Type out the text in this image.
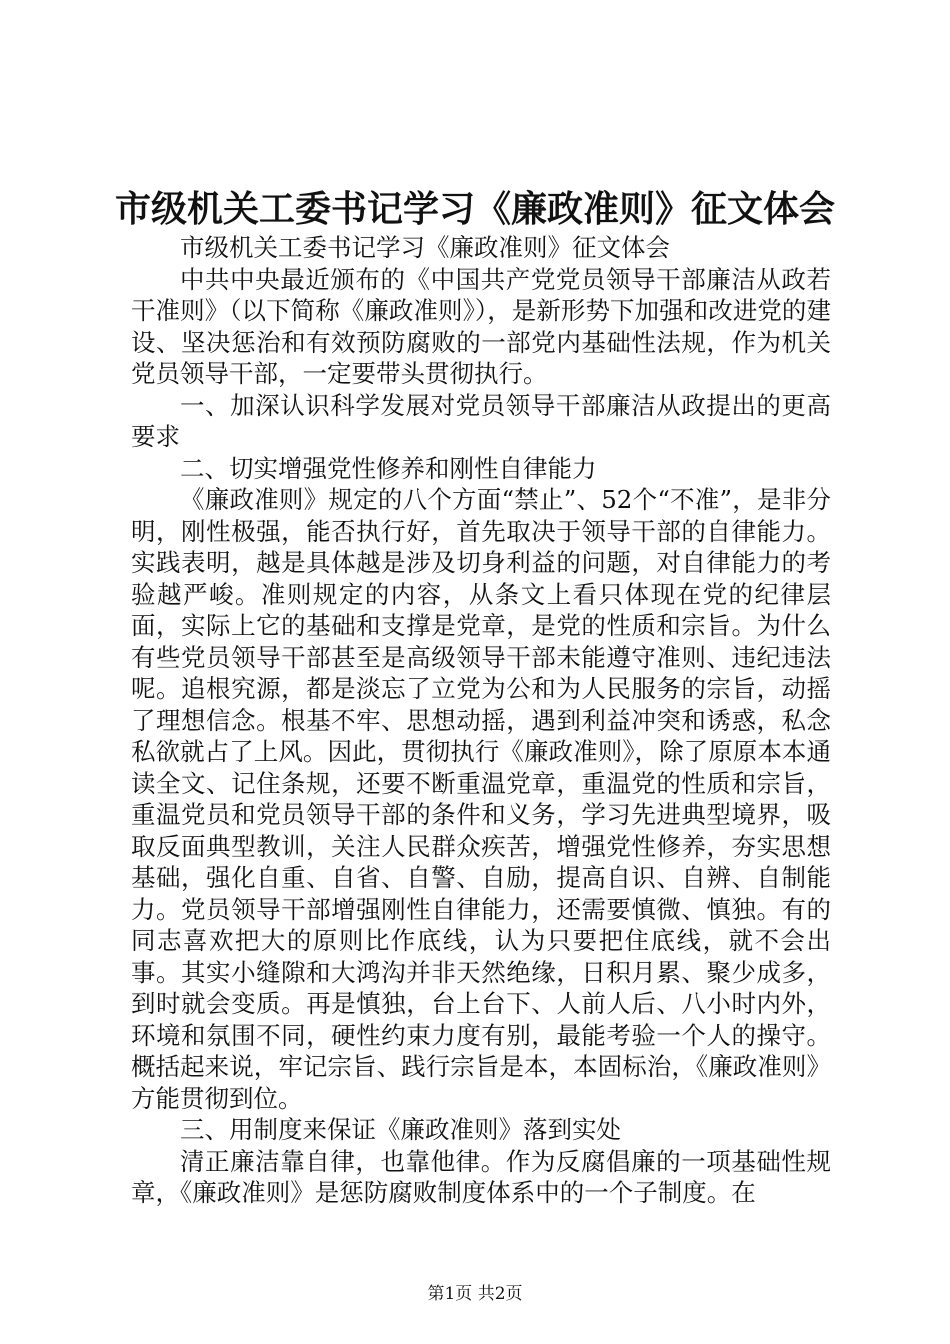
市级机关工委书记学习《廉政准则》征文体会

市级机关工委书记学习《廉政准则》征文体会

中共中央最近颁布的《中国共产党党员领导干部廉洁从政若干准则》（以下简称《廉政准则》），是新形势下加强和改进党的建设、坚决惩治和有效预防腐败的一部党内基础性法规，作为机关党员领导干部，一定要带头贯彻执行。

一、加深认识科学发展对党员领导干部廉洁从政提出的更高要求

二、切实增强党性修养和刚性自律能力

《廉政准则》规定的八个方面“禁止”、52个“不准”，是非分明，刚性极强，能否执行好，首先取决于领导干部的自律能力。实践表明，越是具体越是涉及切身利益的问题，对自律能力的考验越严峻。准则规定的内容，从条文上看只体现在党的纪律层面，实际上它的基础和支撑是党章，是党的性质和宗旨。为什么有些党员领导干部甚至是高级领导干部未能遵守准则、违纪违法呢。追根究源，都是淡忘了立党为公和为人民服务的宗旨，动摇了理想信念。根基不牢、思想动摇，遇到利益冲突和诱惑，私念私欲就占了上风。因此，贯彻执行《廉政准则》，除了原原本本通读全文、记住条规，还要不断重温党章，重温党的性质和宗旨，重温党员和党员领导干部的条件和义务，学习先进典型境界，吸取反面典型教训，关注人民群众疾苦，增强党性修养，夯实思想基础，强化自重、自省、自警、自励，提高自识、自辨、自制能力。党员领导干部增强刚性自律能力，还需要慎微、慎独。有的同志喜欢把大的原则比作底线，认为只要把住底线，就不会出事。其实小缝隙和大鸿沟并非天然绝缘，日积月累、聚少成多，到时就会变质。再是慎独，台上台下、人前人后、八小时内外，环境和氛围不同，硬性约束力度有别，最能考验一个人的操守。概括起来说，牢记宗旨、践行宗旨是本，本固标治，《廉政准则》方能贯彻到位。

三、用制度来保证《廉政准则》落到实处

清正廉洁靠自律，也靠他律。作为反腐倡廉的一项基础性规章，《廉政准则》是惩防腐败制度体系中的一个子制度。在

第1页 共2页
